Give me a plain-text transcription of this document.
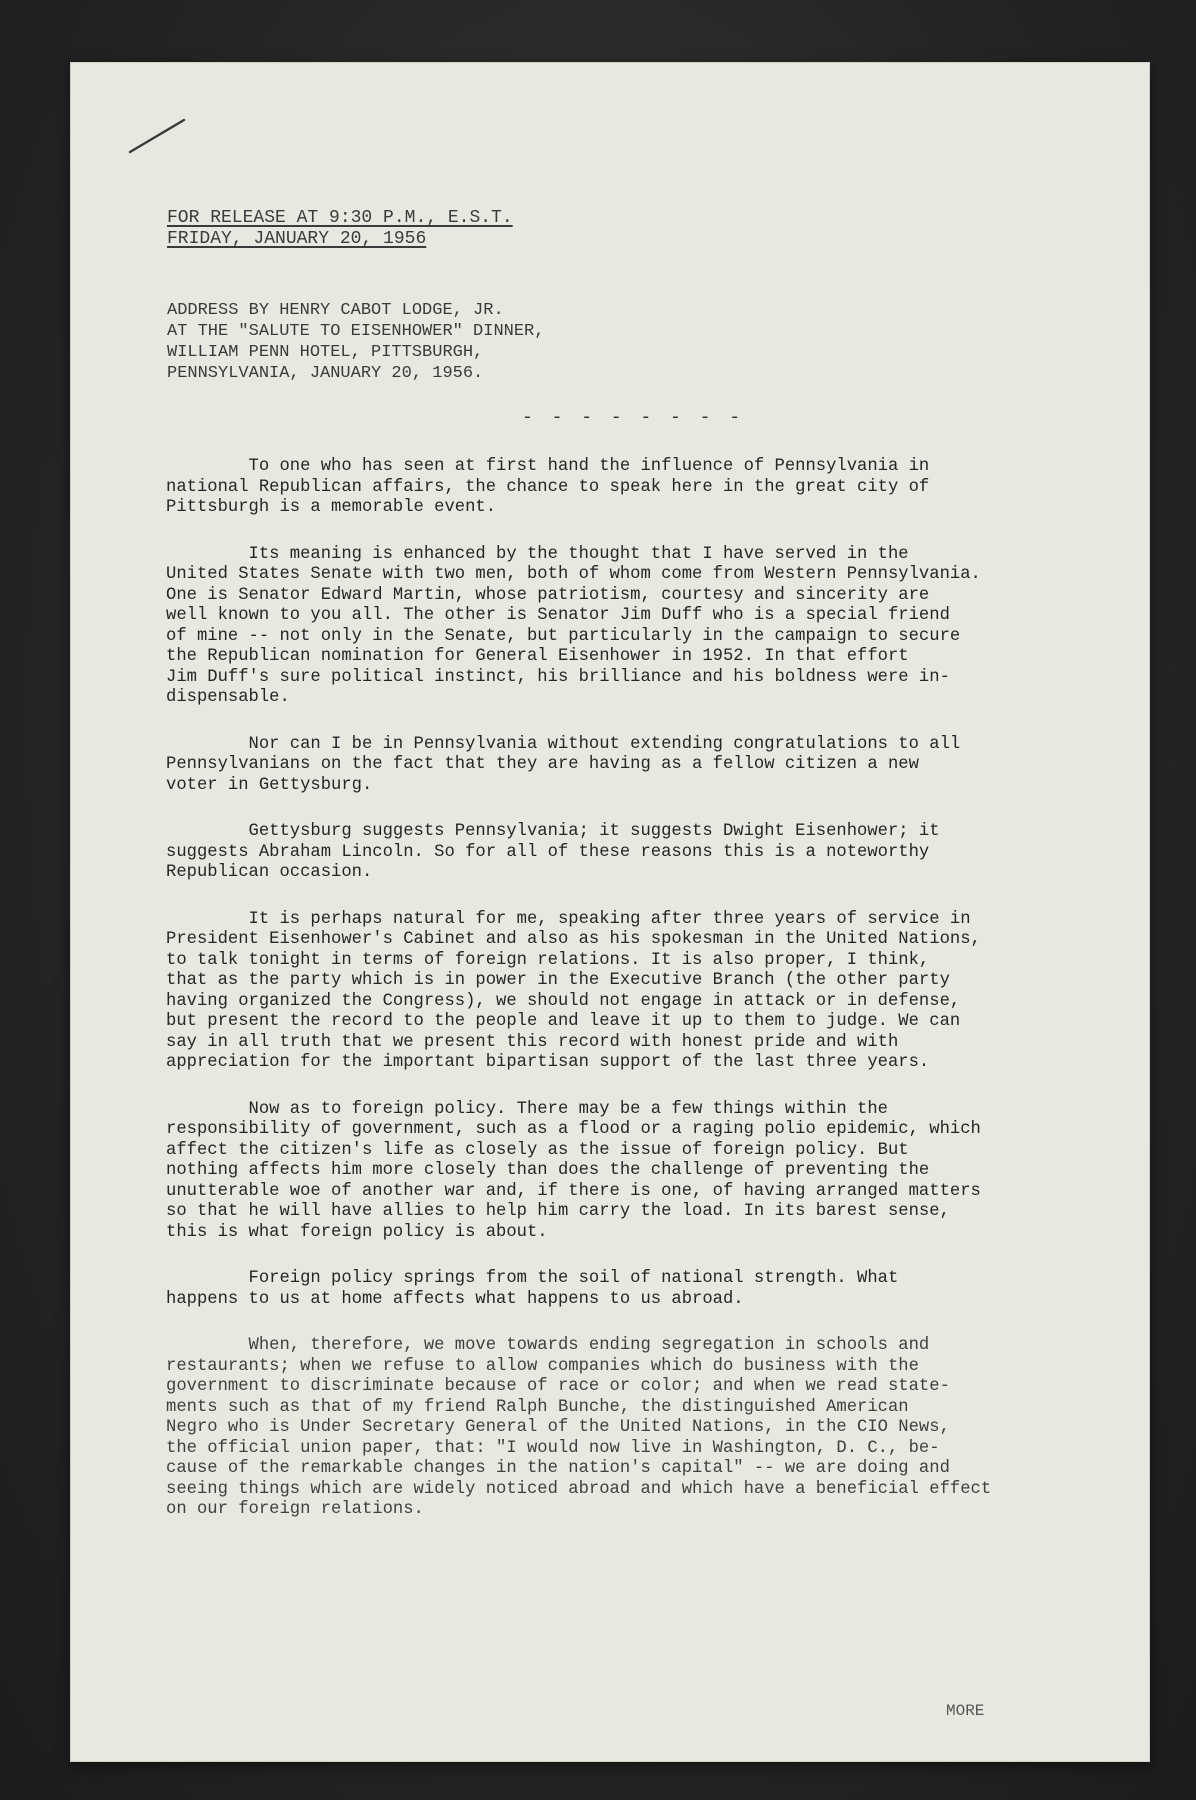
FOR RELEASE AT 9:30 P.M., E.S.T.
FRIDAY, JANUARY 20, 1956
ADDRESS BY HENRY CABOT LODGE, JR.
AT THE "SALUTE TO EISENHOWER" DINNER,
WILLIAM PENN HOTEL, PITTSBURGH,
PENNSYLVANIA, JANUARY 20, 1956.
- - - - - - - -
To one who has seen at first hand the influence of Pennsylvania in
national Republican affairs, the chance to speak here in the great city of
Pittsburgh is a memorable event.
Its meaning is enhanced by the thought that I have served in the
United States Senate with two men, both of whom come from Western Pennsylvania.
One is Senator Edward Martin, whose patriotism, courtesy and sincerity are
well known to you all. The other is Senator Jim Duff who is a special friend
of mine -- not only in the Senate, but particularly in the campaign to secure
the Republican nomination for General Eisenhower in 1952. In that effort
Jim Duff's sure political instinct, his brilliance and his boldness were in-
dispensable.
Nor can I be in Pennsylvania without extending congratulations to all
Pennsylvanians on the fact that they are having as a fellow citizen a new
voter in Gettysburg.
Gettysburg suggests Pennsylvania; it suggests Dwight Eisenhower; it
suggests Abraham Lincoln. So for all of these reasons this is a noteworthy
Republican occasion.
It is perhaps natural for me, speaking after three years of service in
President Eisenhower's Cabinet and also as his spokesman in the United Nations,
to talk tonight in terms of foreign relations. It is also proper, I think,
that as the party which is in power in the Executive Branch (the other party
having organized the Congress), we should not engage in attack or in defense,
but present the record to the people and leave it up to them to judge. We can
say in all truth that we present this record with honest pride and with
appreciation for the important bipartisan support of the last three years.
Now as to foreign policy. There may be a few things within the
responsibility of government, such as a flood or a raging polio epidemic, which
affect the citizen's life as closely as the issue of foreign policy. But
nothing affects him more closely than does the challenge of preventing the
unutterable woe of another war and, if there is one, of having arranged matters
so that he will have allies to help him carry the load. In its barest sense,
this is what foreign policy is about.
Foreign policy springs from the soil of national strength. What
happens to us at home affects what happens to us abroad.
When, therefore, we move towards ending segregation in schools and
restaurants; when we refuse to allow companies which do business with the
government to discriminate because of race or color; and when we read state-
ments such as that of my friend Ralph Bunche, the distinguished American
Negro who is Under Secretary General of the United Nations, in the CIO News,
the official union paper, that: "I would now live in Washington, D. C., be-
cause of the remarkable changes in the nation's capital" -- we are doing and
seeing things which are widely noticed abroad and which have a beneficial effect
on our foreign relations.
MORE
